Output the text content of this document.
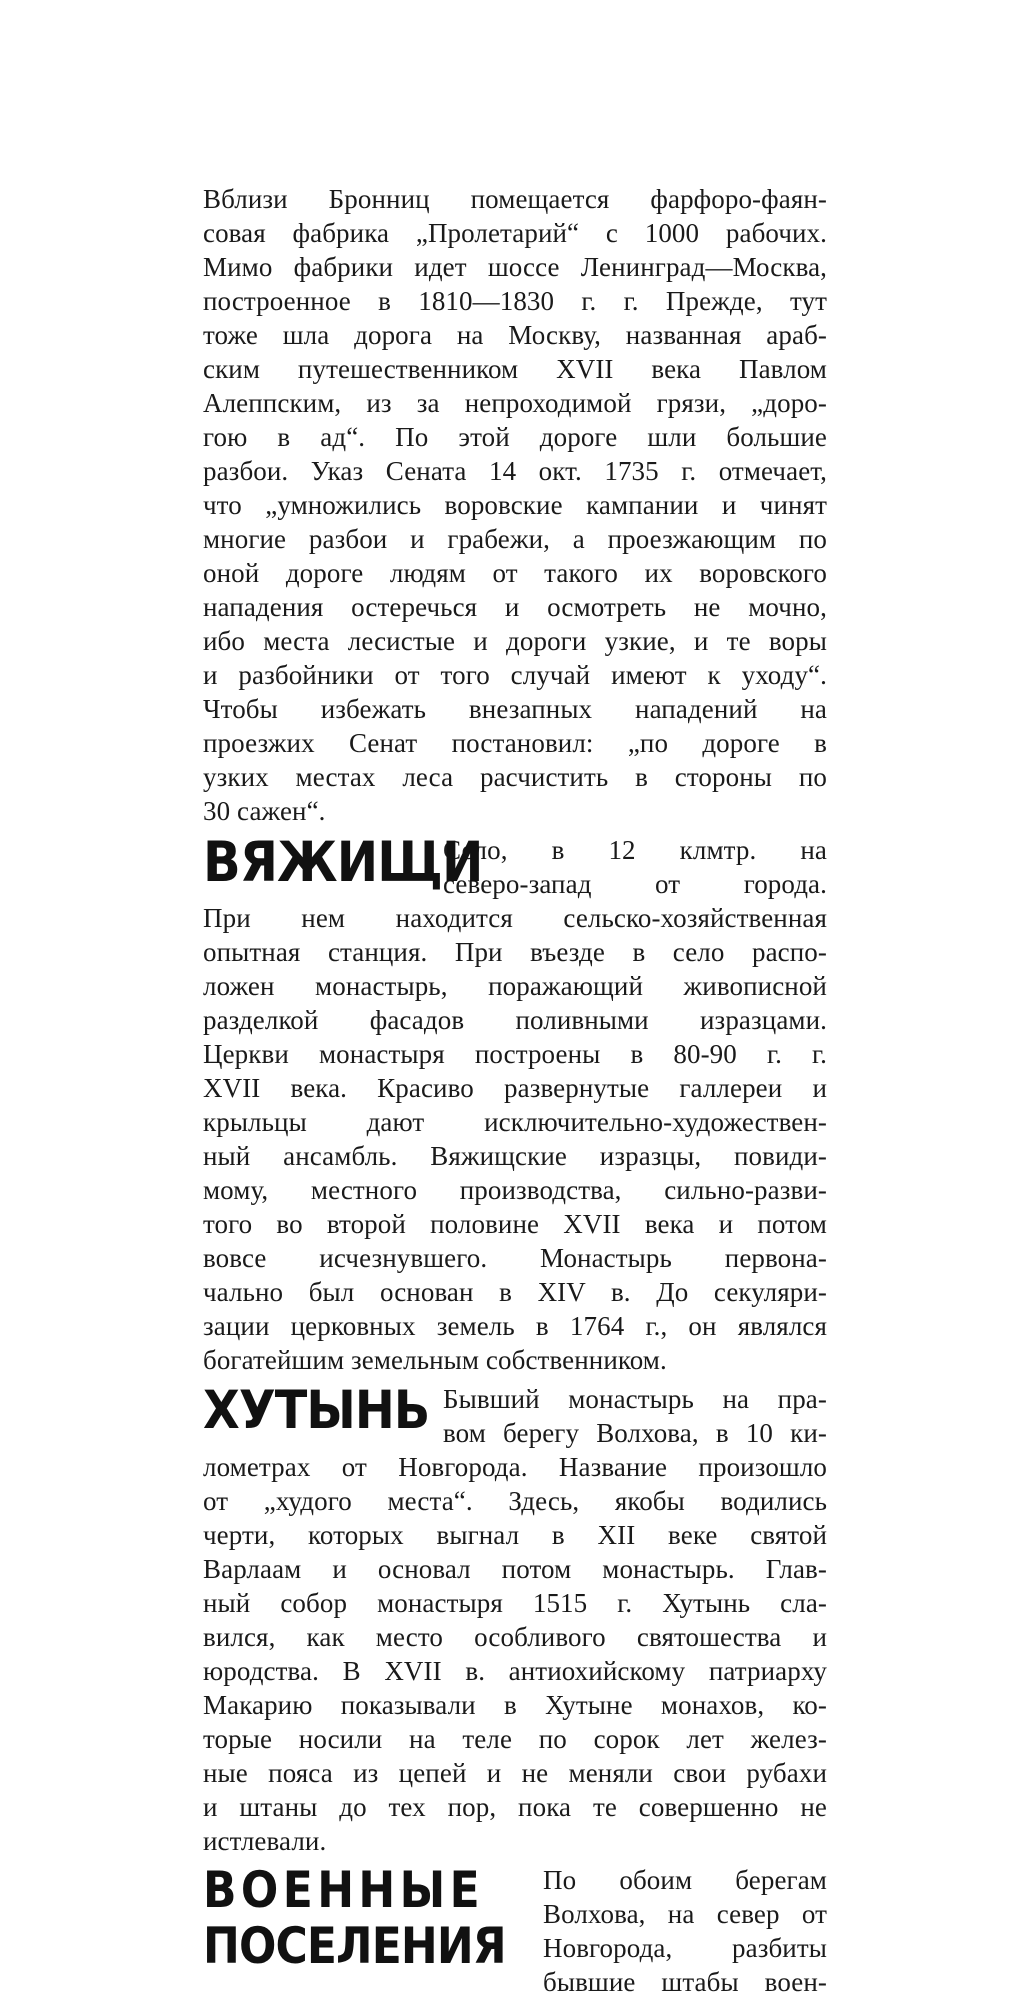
Вблизи Бронниц помещается фарфоро-фаян-
совая фабрика „Пролетарий“ с 1000 рабочих.
Мимо фабрики идет шоссе Ленинград—Москва,
построенное в 1810—1830 г. г. Прежде, тут
тоже шла дорога на Москву, названная араб-
ским путешественником XVII века Павлом
Алеппским, из за непроходимой грязи, „доро-
гою в ад“. По этой дороге шли большие
разбои. Указ Сената 14 окт. 1735 г. отмечает,
что „умножились воровские кампании и чинят
многие разбои и грабежи, а проезжающим по
оной дороге людям от такого их воровского
нападения остеречься и осмотреть не мочно,
ибо места лесистые и дороги узкие, и те воры
и разбойники от того случай имеют к уходу“.
Чтобы избежать внезапных нападений на
проезжих Сенат постановил: „по дороге в
узких местах леса расчистить в стороны по
30 сажен“.
ВЯЖИЩИ
Село, в 12 клмтр. на
северо-запад от города.
При нем находится сельско-хозяйственная
опытная станция. При въезде в село распо-
ложен монастырь, поражающий живописной
разделкой фасадов поливными изразцами.
Церкви монастыря построены в 80-90 г. г.
XVII века. Красиво развернутые галлереи и
крыльцы дают исключительно-художествен-
ный ансамбль. Вяжищские изразцы, повиди-
мому, местного производства, сильно-разви-
того во второй половине XVII века и потом
вовсе исчезнувшего. Монастырь первона-
чально был основан в XIV в. До секуляри-
зации церковных земель в 1764 г., он являлся
богатейшим земельным собственником.
ХУТЫНЬ Бывший монастырь на пра-
вом берегу Волхова, в 10 ки-
лометрах от Новгорода. Название произошло
от „худого места“. Здесь, якобы водились
черти, которых выгнал в XII веке святой
Варлаам и основал потом монастырь. Глав-
ный собор монастыря 1515 г. Хутынь сла-
вился, как место особливого святошества и
юродства. В XVII в. антиохийскому патриарху
Макарию показывали в Хутыне монахов, ко-
торые носили на теле по сорок лет желез-
ные пояса из цепей и не меняли свои рубахи
и штаны до тех пор, пока те совершенно не
истлевали.
ВОЕННЫЕ
ПОСЕЛЕНИЯ
По обоим берегам
Волхова, на север от
Новгорода, разбиты
бывшие штабы воен-
